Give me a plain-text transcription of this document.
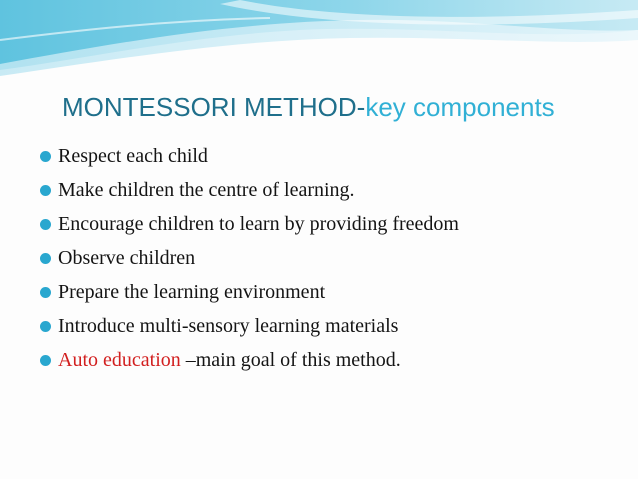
MONTESSORI METHOD-key components
Respect each child
Make children the centre of learning.
Encourage children to learn by providing freedom
Observe children
Prepare the learning environment
Introduce multi-sensory learning materials
Auto education –main goal of this method.
